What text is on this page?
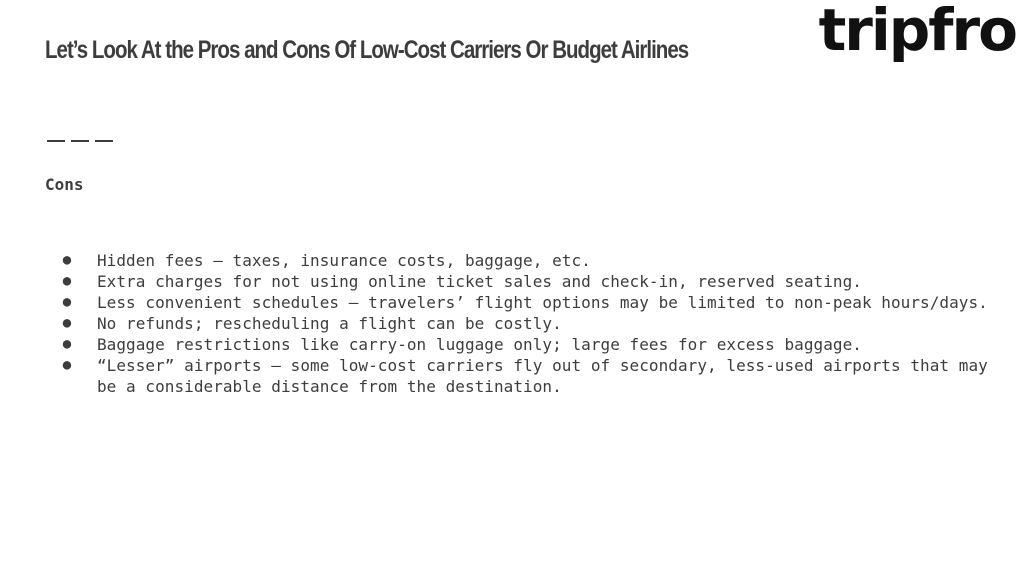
Let’s Look At the Pros and Cons Of Low-Cost Carriers Or Budget Airlines tripfro
Cons
● Hidden fees – taxes, insurance costs, baggage, etc.
● Extra charges for not using online ticket sales and check-in, reserved seating.
● Less convenient schedules – travelers’ flight options may be limited to non-peak hours/days.
● No refunds; rescheduling a flight can be costly.
● Baggage restrictions like carry-on luggage only; large fees for excess baggage.
● “Lesser” airports – some low-cost carriers fly out of secondary, less-used airports that may be a considerable distance from the destination.
